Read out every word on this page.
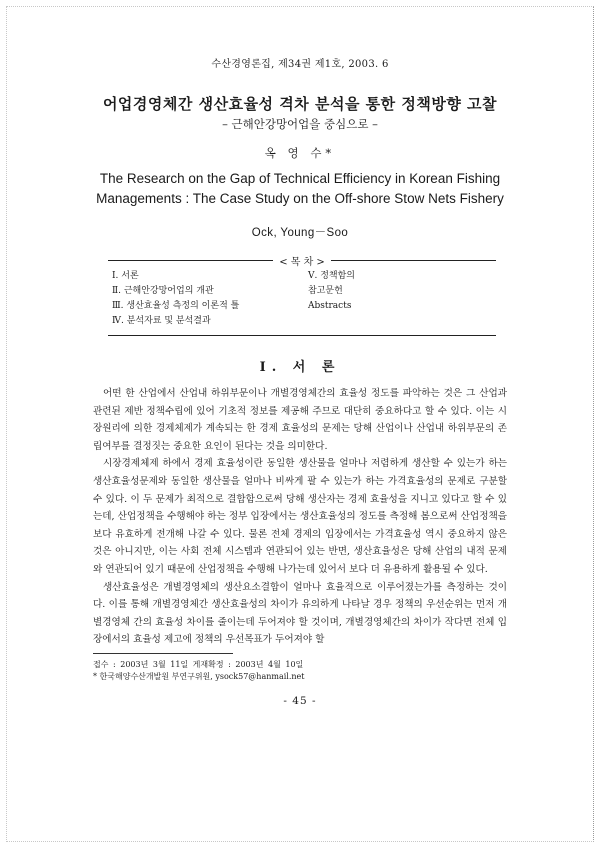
수산경영론집, 제34권 제1호, 2003. 6
어업경영체간 생산효율성 격차 분석을 통한 정책방향 고찰
– 근해안강망어업을 중심으로 –
옥 영 수*
The Research on the Gap of Technical Efficiency in Korean Fishing
Managements : The Case Study on the Off-shore Stow Nets Fishery
Ock, Young－Soo
< 목 차 >
Ⅰ. 서론
Ⅱ. 근해안강망어업의 개관
Ⅲ. 생산효율성 측정의 이론적 틀
Ⅳ. 분석자료 및 분석결과
Ⅴ. 정책함의
참고문헌
Abstracts
Ⅰ. 서 론

어떤 한 산업에서 산업내 하위부문이나 개별경영체간의 효율성 정도를 파악하는 것은 그 산업과 관련된 제반 정책수립에 있어 기초적 정보를 제공해 주므로 대단히 중요하다고 할 수 있다. 이는 시장원리에 의한 경제체제가 계속되는 한 경제 효율성의 문제는 당해 산업이나 산업내 하위부문의 존립여부를 결정짓는 중요한 요인이 된다는 것을 의미한다.

시장경제체제 하에서 경제 효율성이란 동일한 생산물을 얼마나 저렴하게 생산할 수 있는가 하는 생산효율성문제와 동일한 생산물을 얼마나 비싸게 팔 수 있는가 하는 가격효율성의 문제로 구분할 수 있다. 이 두 문제가 최적으로 결합함으로써 당해 생산자는 경제 효율성을 지니고 있다고 할 수 있는데, 산업정책을 수행해야 하는 정부 입장에서는 생산효율성의 정도를 측정해 봄으로써 산업정책을 보다 유효하게 전개해 나갈 수 있다. 물론 전체 경제의 입장에서는 가격효율성 역시 중요하지 않은 것은 아니지만, 이는 사회 전체 시스템과 연관되어 있는 반면, 생산효율성은 당해 산업의 내적 문제와 연관되어 있기 때문에 산업정책을 수행해 나가는데 있어서 보다 더 유용하게 활용될 수 있다.

생산효율성은 개별경영체의 생산요소결합이 얼마나 효율적으로 이루어졌는가를 측정하는 것이다. 이를 통해 개별경영체간 생산효율성의 차이가 유의하게 나타날 경우 정책의 우선순위는 먼저 개별경영체 간의 효율성 차이를 줄이는데 두어져야 할 것이며, 개별경영체간의 차이가 작다면 전체 입장에서의 효율성 제고에 정책의 우선목표가 두어져야 할

접수 : 2003년 3월 11일 게재확정 : 2003년 4월 10일
* 한국해양수산개발원 부연구위원, ysock57@hanmail.net
- 45 -
